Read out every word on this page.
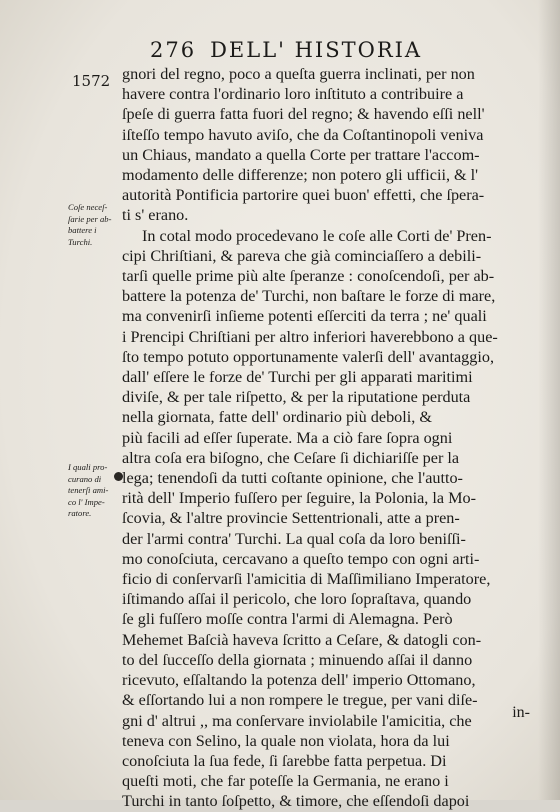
276 DELL' HISTORIA
1572
Coſe neceſ-
ſarie per ab-
battere i
Turchi.
I quali pro-
curano di
tenerſi ami-
co l' Impe-
ratore.
gnori del regno, poco a queſta guerra inclinati, per non
havere contra l'ordinario loro inſtituto a contribuire a
ſpeſe di guerra fatta fuori del regno; & havendo eſſi nell'
iſteſſo tempo havuto aviſo, che da Coſtantinopoli veniva
un Chiaus, mandato a quella Corte per trattare l'accom-
modamento delle differenze; non potero gli ufficii, & l'
autorità Pontificia partorire quei buon' effetti, che ſpera-
ti s' erano.
In cotal modo procedevano le coſe alle Corti de' Pren-
cipi Chriſtiani, & pareva che già cominciaſſero a debili-
tarſi quelle prime più alte ſperanze : conoſcendoſi, per ab-
battere la potenza de' Turchi, non baſtare le forze di mare,
ma convenirſi inſieme potenti eſſerciti da terra ; ne' quali
i Prencipi Chriſtiani per altro inferiori haverebbono a que-
ſto tempo potuto opportunamente valerſi dell' avantaggio,
dall' eſſere le forze de' Turchi per gli apparati maritimi
diviſe, & per tale riſpetto, & per la riputatione perduta
nella giornata, fatte dell' ordinario più deboli, &
più facili ad eſſer ſuperate. Ma a ciò fare ſopra ogni
altra coſa era biſogno, che Ceſare ſi dichiariſſe per la
lega; tenendoſi da tutti coſtante opinione, che l'autto-
rità dell' Imperio fuſſero per ſeguire, la Polonia, la Mo-
ſcovia, & l'altre provincie Settentrionali, atte a pren-
der l'armi contra' Turchi. La qual coſa da loro beniſſi-
mo conoſciuta, cercavano a queſto tempo con ogni arti-
ficio di conſervarſi l'amicitia di Maſſimiliano Imperatore,
iſtimando aſſai il pericolo, che loro ſopraſtava, quando
ſe gli fuſſero moſſe contra l'armi di Alemagna. Però
Mehemet Baſcià haveva ſcritto a Ceſare, & datogli con-
to del ſucceſſo della giornata ; minuendo aſſai il danno
ricevuto, eſſaltando la potenza dell' imperio Ottomano,
& eſſortando lui a non rompere le tregue, per vani diſe-
gni d' altrui ,, ma conſervare inviolabile l'amicitia, che
teneva con Selino, la quale non violata, hora da lui
conoſciuta la ſua fede, ſi ſarebbe fatta perpetua. Di
queſti moti, che far poteſſe la Germania, ne erano i
Turchi in tanto ſoſpetto, & timore, che eſſendoſi dapoi
in-
